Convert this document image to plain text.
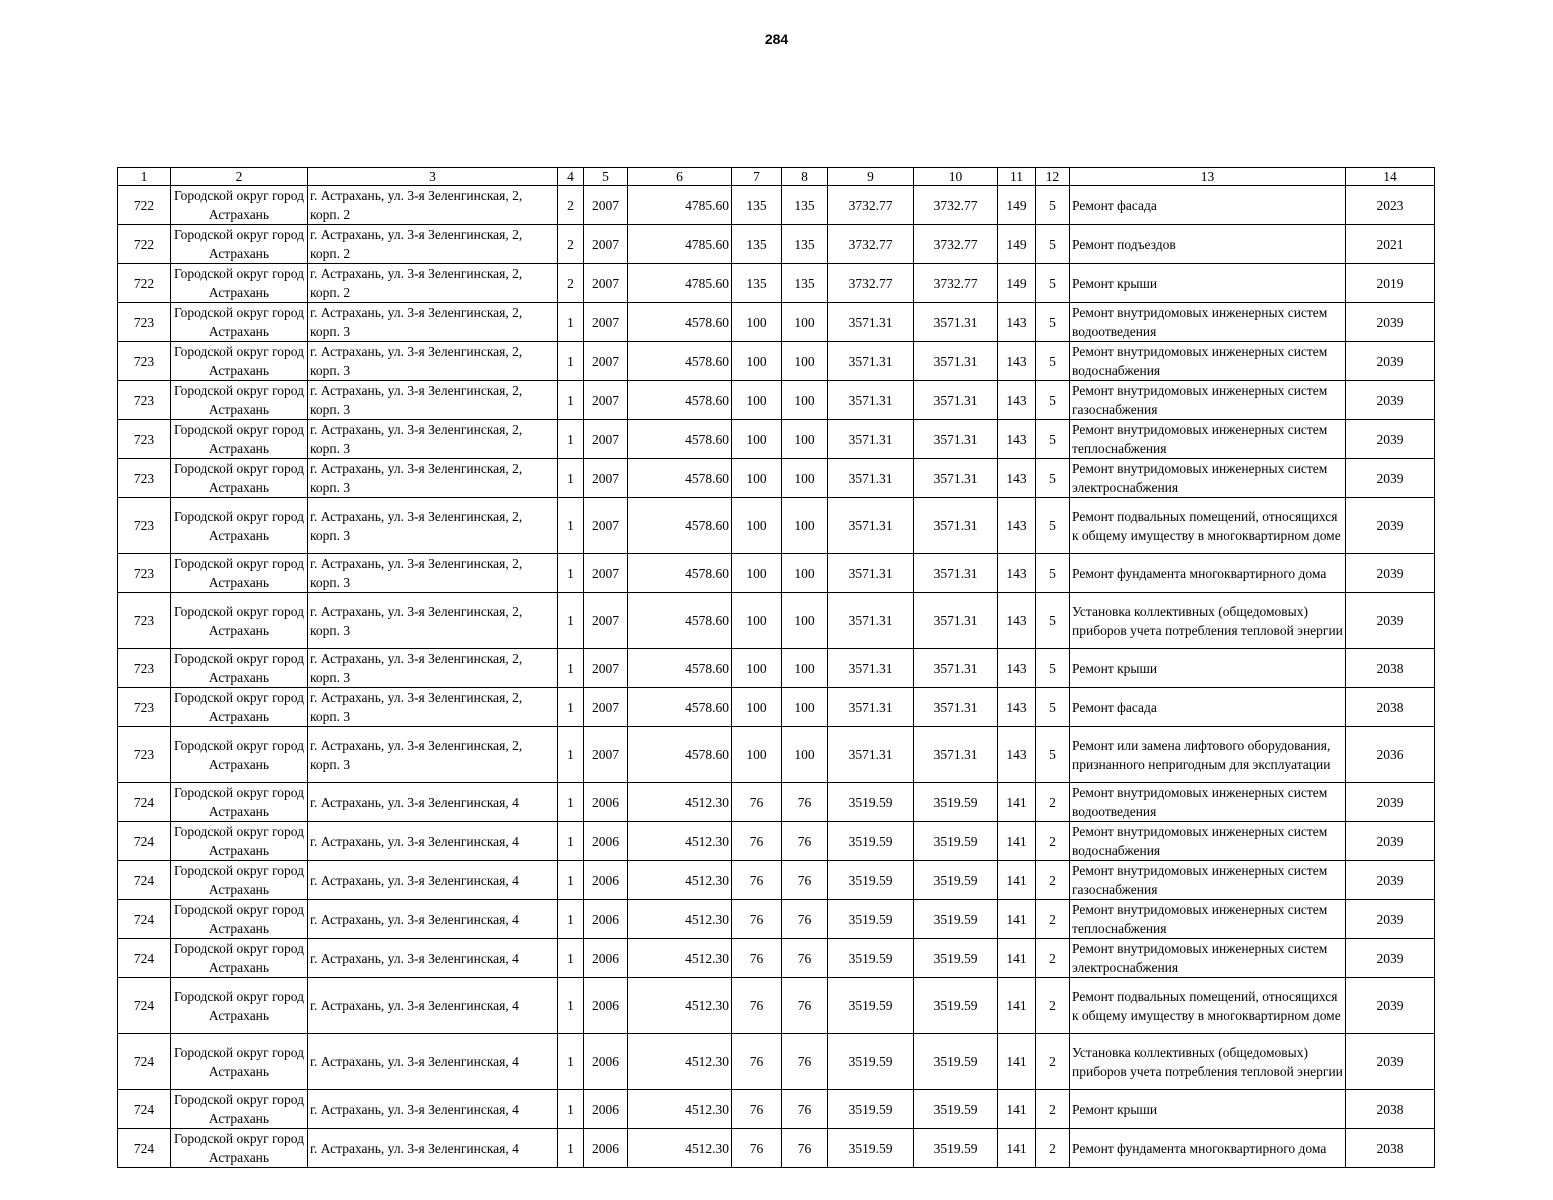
284
1	2	3	4	5	6	7	8	9	10	11	12	13	14
722	Городской округ город Астрахань	г. Астрахань, ул. 3-я Зеленгинская, 2, корп. 2	2	2007	4785.60	135	135	3732.77	3732.77	149	5	Ремонт фасада	2023
722	Городской округ город Астрахань	г. Астрахань, ул. 3-я Зеленгинская, 2, корп. 2	2	2007	4785.60	135	135	3732.77	3732.77	149	5	Ремонт подъездов	2021
722	Городской округ город Астрахань	г. Астрахань, ул. 3-я Зеленгинская, 2, корп. 2	2	2007	4785.60	135	135	3732.77	3732.77	149	5	Ремонт крыши	2019
723	Городской округ город Астрахань	г. Астрахань, ул. 3-я Зеленгинская, 2, корп. 3	1	2007	4578.60	100	100	3571.31	3571.31	143	5	Ремонт внутридомовых инженерных систем водоотведения	2039
723	Городской округ город Астрахань	г. Астрахань, ул. 3-я Зеленгинская, 2, корп. 3	1	2007	4578.60	100	100	3571.31	3571.31	143	5	Ремонт внутридомовых инженерных систем водоснабжения	2039
723	Городской округ город Астрахань	г. Астрахань, ул. 3-я Зеленгинская, 2, корп. 3	1	2007	4578.60	100	100	3571.31	3571.31	143	5	Ремонт внутридомовых инженерных систем газоснабжения	2039
723	Городской округ город Астрахань	г. Астрахань, ул. 3-я Зеленгинская, 2, корп. 3	1	2007	4578.60	100	100	3571.31	3571.31	143	5	Ремонт внутридомовых инженерных систем теплоснабжения	2039
723	Городской округ город Астрахань	г. Астрахань, ул. 3-я Зеленгинская, 2, корп. 3	1	2007	4578.60	100	100	3571.31	3571.31	143	5	Ремонт внутридомовых инженерных систем электроснабжения	2039
723	Городской округ город Астрахань	г. Астрахань, ул. 3-я Зеленгинская, 2, корп. 3	1	2007	4578.60	100	100	3571.31	3571.31	143	5	Ремонт подвальных помещений, относящихся к общему имуществу в многоквартирном доме	2039
723	Городской округ город Астрахань	г. Астрахань, ул. 3-я Зеленгинская, 2, корп. 3	1	2007	4578.60	100	100	3571.31	3571.31	143	5	Ремонт фундамента многоквартирного дома	2039
723	Городской округ город Астрахань	г. Астрахань, ул. 3-я Зеленгинская, 2, корп. 3	1	2007	4578.60	100	100	3571.31	3571.31	143	5	Установка коллективных (общедомовых) приборов учета потребления тепловой энергии	2039
723	Городской округ город Астрахань	г. Астрахань, ул. 3-я Зеленгинская, 2, корп. 3	1	2007	4578.60	100	100	3571.31	3571.31	143	5	Ремонт крыши	2038
723	Городской округ город Астрахань	г. Астрахань, ул. 3-я Зеленгинская, 2, корп. 3	1	2007	4578.60	100	100	3571.31	3571.31	143	5	Ремонт фасада	2038
723	Городской округ город Астрахань	г. Астрахань, ул. 3-я Зеленгинская, 2, корп. 3	1	2007	4578.60	100	100	3571.31	3571.31	143	5	Ремонт или замена лифтового оборудования, признанного непригодным для эксплуатации	2036
724	Городской округ город Астрахань	г. Астрахань, ул. 3-я Зеленгинская, 4	1	2006	4512.30	76	76	3519.59	3519.59	141	2	Ремонт внутридомовых инженерных систем водоотведения	2039
724	Городской округ город Астрахань	г. Астрахань, ул. 3-я Зеленгинская, 4	1	2006	4512.30	76	76	3519.59	3519.59	141	2	Ремонт внутридомовых инженерных систем водоснабжения	2039
724	Городской округ город Астрахань	г. Астрахань, ул. 3-я Зеленгинская, 4	1	2006	4512.30	76	76	3519.59	3519.59	141	2	Ремонт внутридомовых инженерных систем газоснабжения	2039
724	Городской округ город Астрахань	г. Астрахань, ул. 3-я Зеленгинская, 4	1	2006	4512.30	76	76	3519.59	3519.59	141	2	Ремонт внутридомовых инженерных систем теплоснабжения	2039
724	Городской округ город Астрахань	г. Астрахань, ул. 3-я Зеленгинская, 4	1	2006	4512.30	76	76	3519.59	3519.59	141	2	Ремонт внутридомовых инженерных систем электроснабжения	2039
724	Городской округ город Астрахань	г. Астрахань, ул. 3-я Зеленгинская, 4	1	2006	4512.30	76	76	3519.59	3519.59	141	2	Ремонт подвальных помещений, относящихся к общему имуществу в многоквартирном доме	2039
724	Городской округ город Астрахань	г. Астрахань, ул. 3-я Зеленгинская, 4	1	2006	4512.30	76	76	3519.59	3519.59	141	2	Установка коллективных (общедомовых) приборов учета потребления тепловой энергии	2039
724	Городской округ город Астрахань	г. Астрахань, ул. 3-я Зеленгинская, 4	1	2006	4512.30	76	76	3519.59	3519.59	141	2	Ремонт крыши	2038
724	Городской округ город Астрахань	г. Астрахань, ул. 3-я Зеленгинская, 4	1	2006	4512.30	76	76	3519.59	3519.59	141	2	Ремонт фундамента многоквартирного дома	2038
